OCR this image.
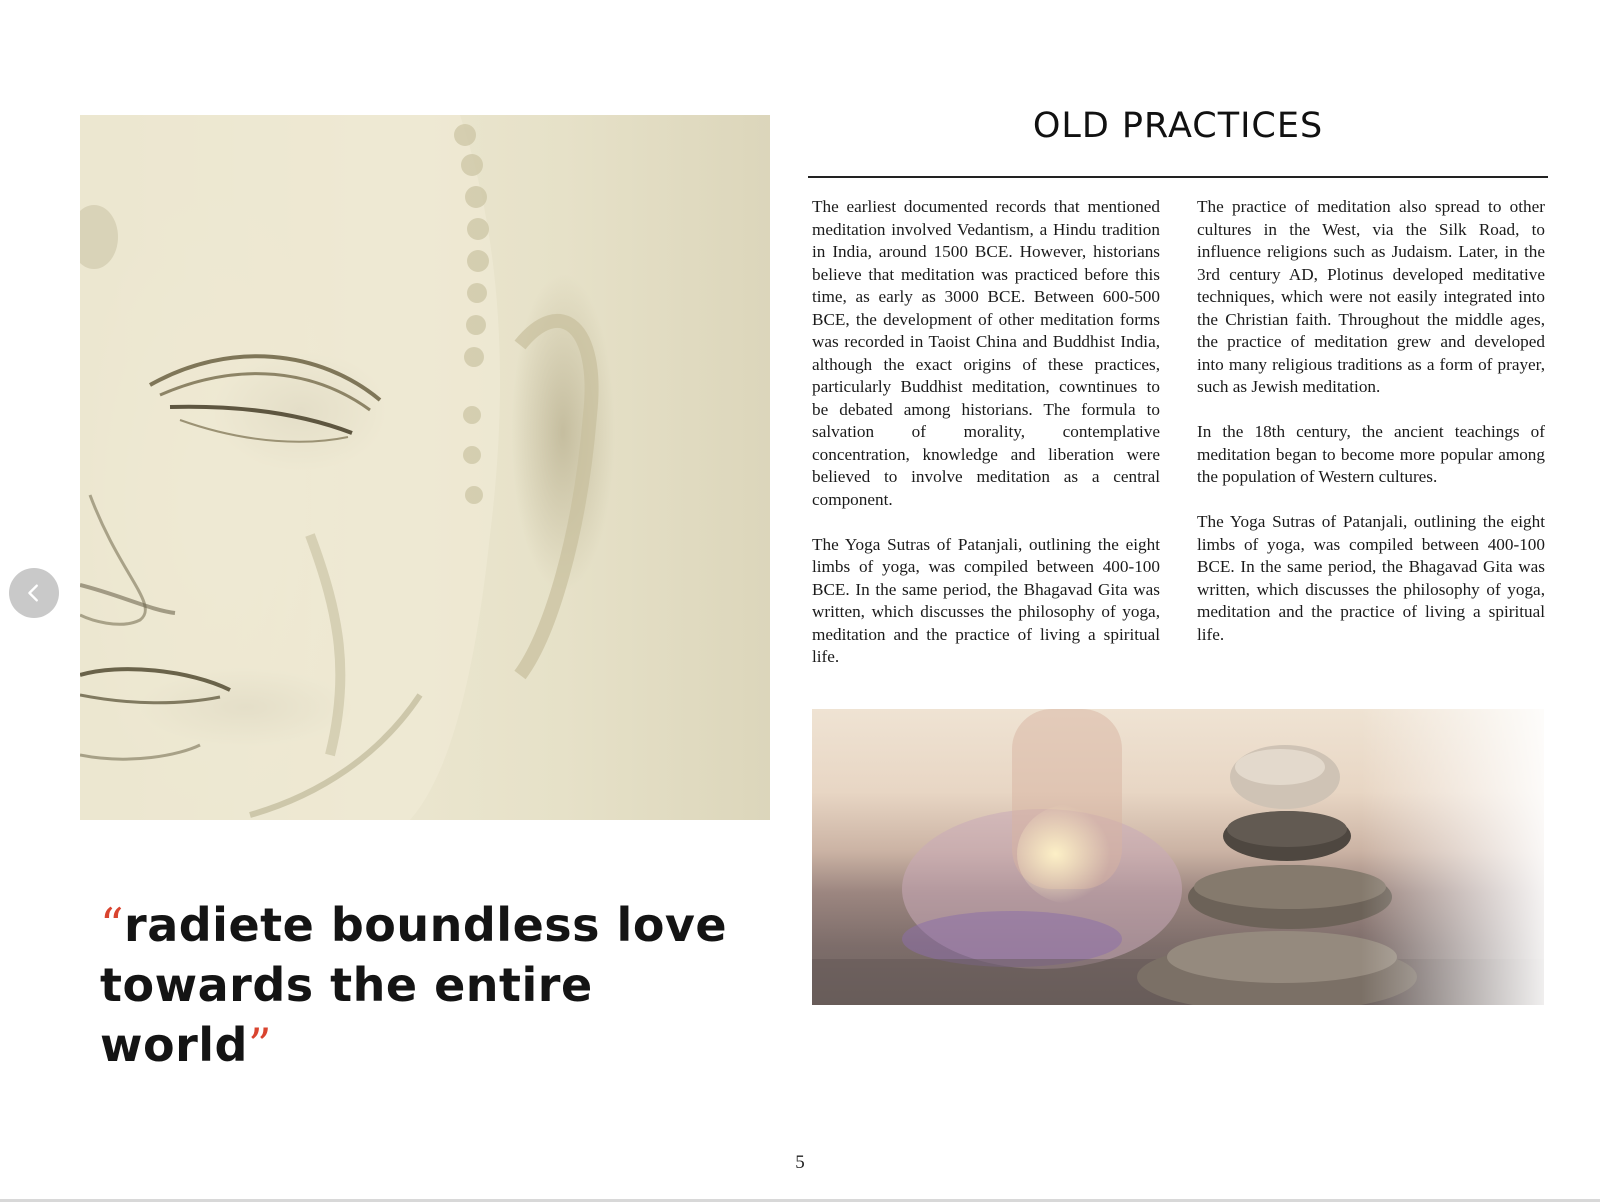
OLD PRACTICES

The earliest documented records that mentioned meditation involved Vedantism, a Hindu tradition in India, around 1500 BCE. However, historians believe that meditation was practiced before this time, as early as 3000 BCE. Between 600-500 BCE, the development of other meditation forms was recorded in Taoist China and Buddhist India, although the exact origins of these practices, particularly Buddhist meditation, cowntinues to be debated among historians. The formula to salvation of morality, contemplative concentration, knowledge and liberation were believed to involve meditation as a central component.

The Yoga Sutras of Patanjali, outlining the eight limbs of yoga, was compiled between 400-100 BCE. In the same period, the Bhagavad Gita was written, which discusses the philosophy of yoga, meditation and the practice of living a spiritual life.

The practice of meditation also spread to other cultures in the West, via the Silk Road, to influence religions such as Judaism. Later, in the 3rd century AD, Plotinus developed meditative techniques, which were not easily integrated into the Christian faith. Throughout the middle ages, the practice of meditation grew and developed into many religious traditions as a form of prayer, such as Jewish meditation.

In the 18th century, the ancient teachings of meditation began to become more popular among the population of Western cultures.

The Yoga Sutras of Patanjali, outlining the eight limbs of yoga, was compiled between 400-100 BCE. In the same period, the Bhagavad Gita was written, which discusses the philosophy of yoga, meditation and the practice of living a spiritual life.

“radiete boundless love
towards the entire world”
5
